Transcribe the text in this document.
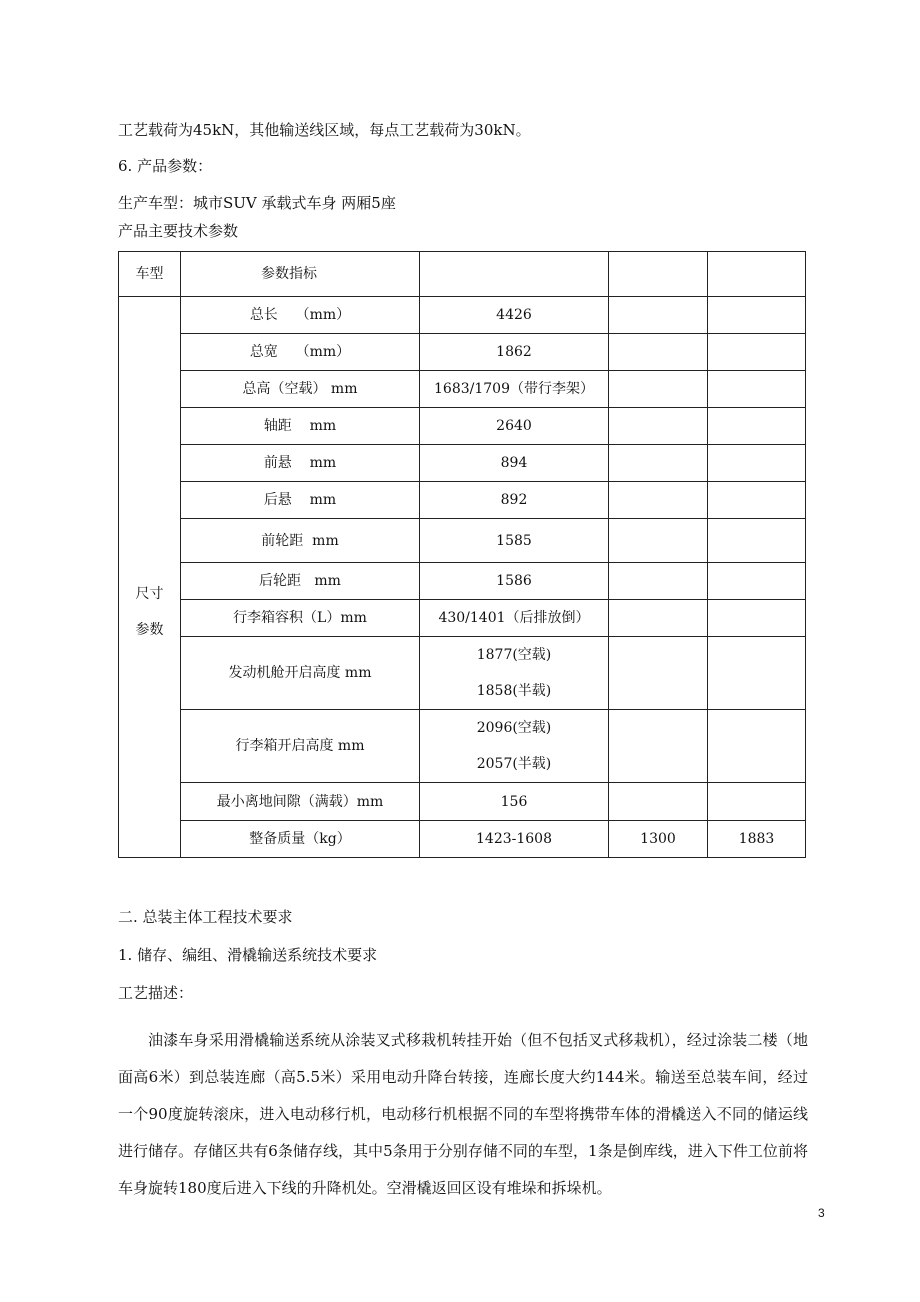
工艺载荷为45kN，其他输送线区域，每点工艺载荷为30kN。
6. 产品参数：
生产车型：城市SUV 承载式车身 两厢5座
产品主要技术参数
车型	参数指标			

尺寸
参数	总长    （mm）	4426		
	总宽    （mm）	1862		
	总高（空载） mm	1683/1709（带行李架）		
	轴距    mm	2640		
	前悬    mm	894		
	后悬    mm	892		
	前轮距  mm	1585		
	后轮距   mm	1586		
	行李箱容积（L）mm	430/1401（后排放倒）		
	发动机舱开启高度 mm	1877(空载)
1858(半载)		

	行李箱开启高度 mm	2096(空载)
2057(半载)		

	最小离地间隙（满载）mm	156		
	整备质量（kg）	1423-1608	1300	1883
二. 总装主体工程技术要求
1. 储存、编组、滑橇输送系统技术要求
工艺描述：
油漆车身采用滑橇输送系统从涂装叉式移栽机转挂开始（但不包括叉式移栽机），经过涂装二楼（地面高6米）到总装连廊（高5.5米）采用电动升降台转接，连廊长度大约144米。输送至总装车间，经过一个90度旋转滚床，进入电动移行机，电动移行机根据不同的车型将携带车体的滑橇送入不同的储运线进行储存。存储区共有6条储存线，其中5条用于分别存储不同的车型，1条是倒库线，进入下件工位前将车身旋转180度后进入下线的升降机处。空滑橇返回区设有堆垛和拆垛机。
3
